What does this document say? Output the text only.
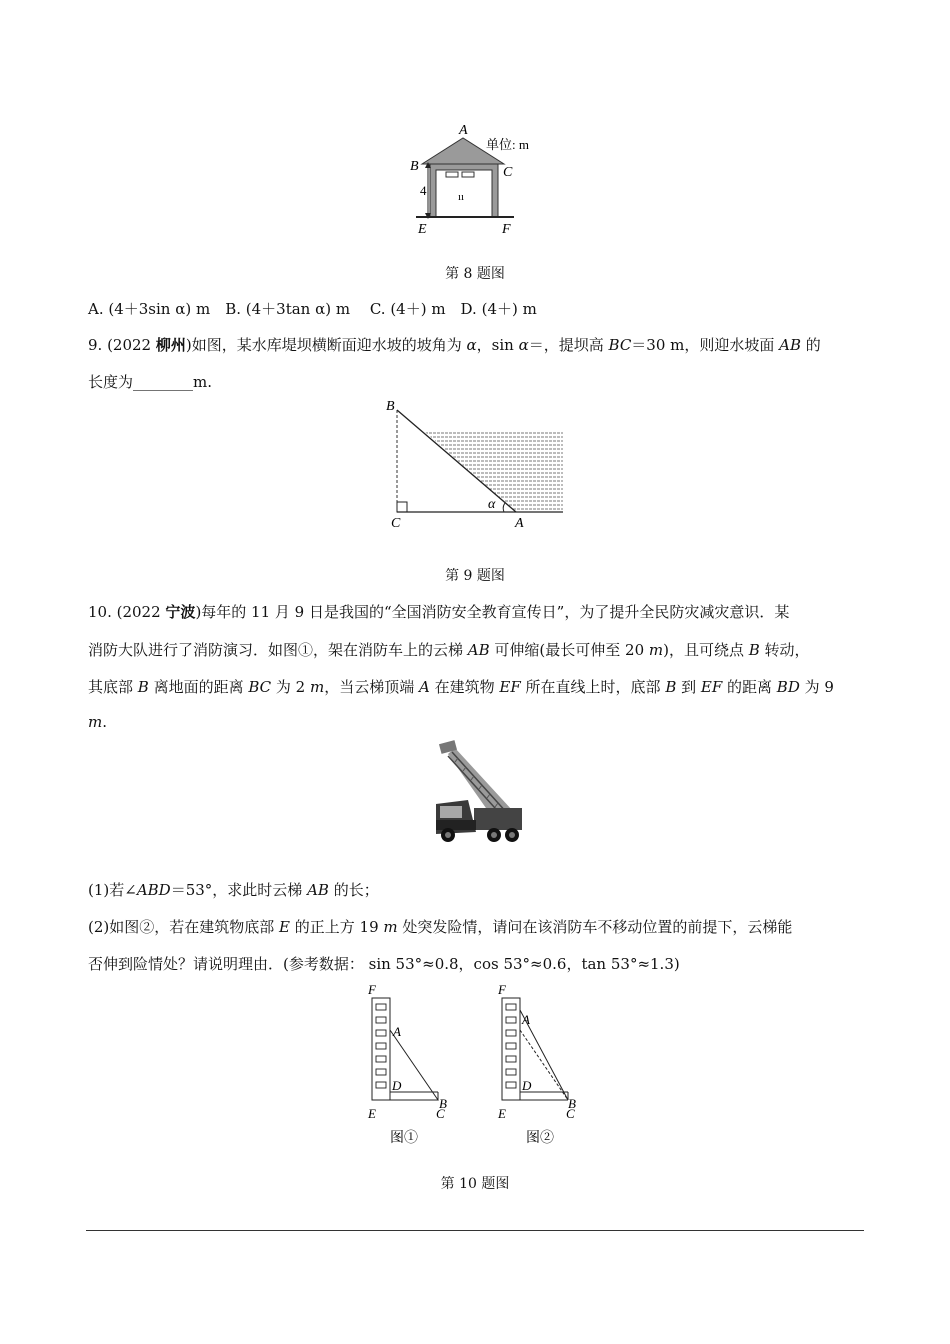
ıı
A
B	C
4
E	F
单位: m
第 8 题图
A. (4＋3sin α) m　B. (4＋3tan α) m　 C. (4＋) m　D. (4＋) m
9. (2022 柳州)如图，某水库堤坝横断面迎水坡的坡角为 α，sin α＝，提坝高 BC＝30 m，则迎水坡面 AB 的
长度为________m.
B
C	A
α
第 9 题图
10. (2022 宁波)每年的 11 月 9 日是我国的“全国消防安全教育宣传日”，为了提升全民防灾减灾意识．某
消防大队进行了消防演习．如图①，架在消防车上的云梯 AB 可伸缩(最长可伸至 20 m)，且可绕点 B 转动，
其底部 B 离地面的距离 BC 为 2 m，当云梯顶端 A 在建筑物 EF 所在直线上时，底部 B 到 EF 的距离 BD 为 9
m.
(1)若∠ABD＝53°，求此时云梯 AB 的长；
(2)如图②，若在建筑物底部 E 的正上方 19 m 处突发险情，请问在该消防车不移动位置的前提下，云梯能
否伸到险情处？请说明理由．(参考数据： sin 53°≈0.8，cos 53°≈0.6，tan 53°≈1.3)
F
A
D
B
E	C
图①
F
A
D
B
E	C
图②
第 10 题图
